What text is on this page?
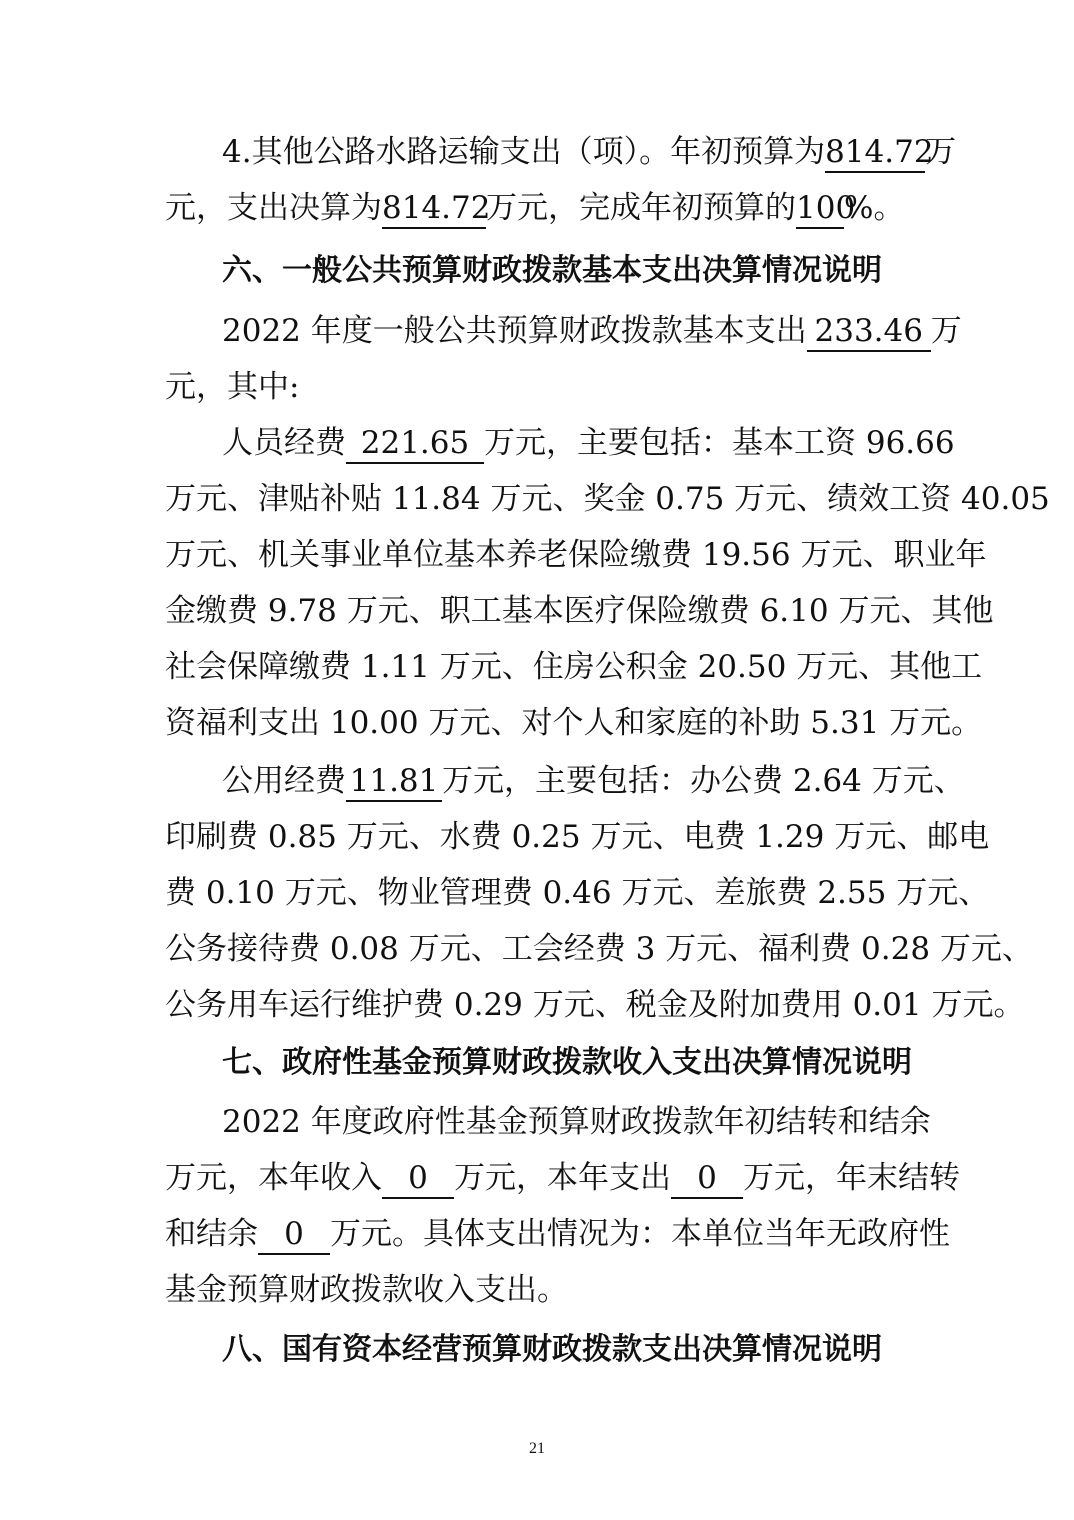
4.其他公路水路运输支出（项）。年初预算为814.72万
元，支出决算为814.72万元，完成年初预算的100%。
六、一般公共预算财政拨款基本支出决算情况说明
2022 年度一般公共预算财政拨款基本支出 233.46 万
元，其中:
人员经费 221.65 万元，主要包括：基本工资 96.66
万元、津贴补贴 11.84 万元、奖金 0.75 万元、绩效工资 40.05
万元、机关事业单位基本养老保险缴费 19.56 万元、职业年
金缴费 9.78 万元、职工基本医疗保险缴费 6.10 万元、其他
社会保障缴费 1.11 万元、住房公积金 20.50 万元、其他工
资福利支出 10.00 万元、对个人和家庭的补助 5.31 万元。
公用经费 11.81 万元，主要包括：办公费 2.64 万元、
印刷费 0.85 万元、水费 0.25 万元、电费 1.29 万元、邮电
费 0.10 万元、物业管理费 0.46 万元、差旅费 2.55 万元、
公务接待费 0.08 万元、工会经费 3 万元、福利费 0.28 万元、
公务用车运行维护费 0.29 万元、税金及附加费用 0.01 万元。
七、政府性基金预算财政拨款收入支出决算情况说明
2022 年度政府性基金预算财政拨款年初结转和结余
万元，本年收入 0 万元，本年支出 0 万元，年末结转
和结余 0 万元。具体支出情况为：本单位当年无政府性
基金预算财政拨款收入支出。
八、国有资本经营预算财政拨款支出决算情况说明
21
